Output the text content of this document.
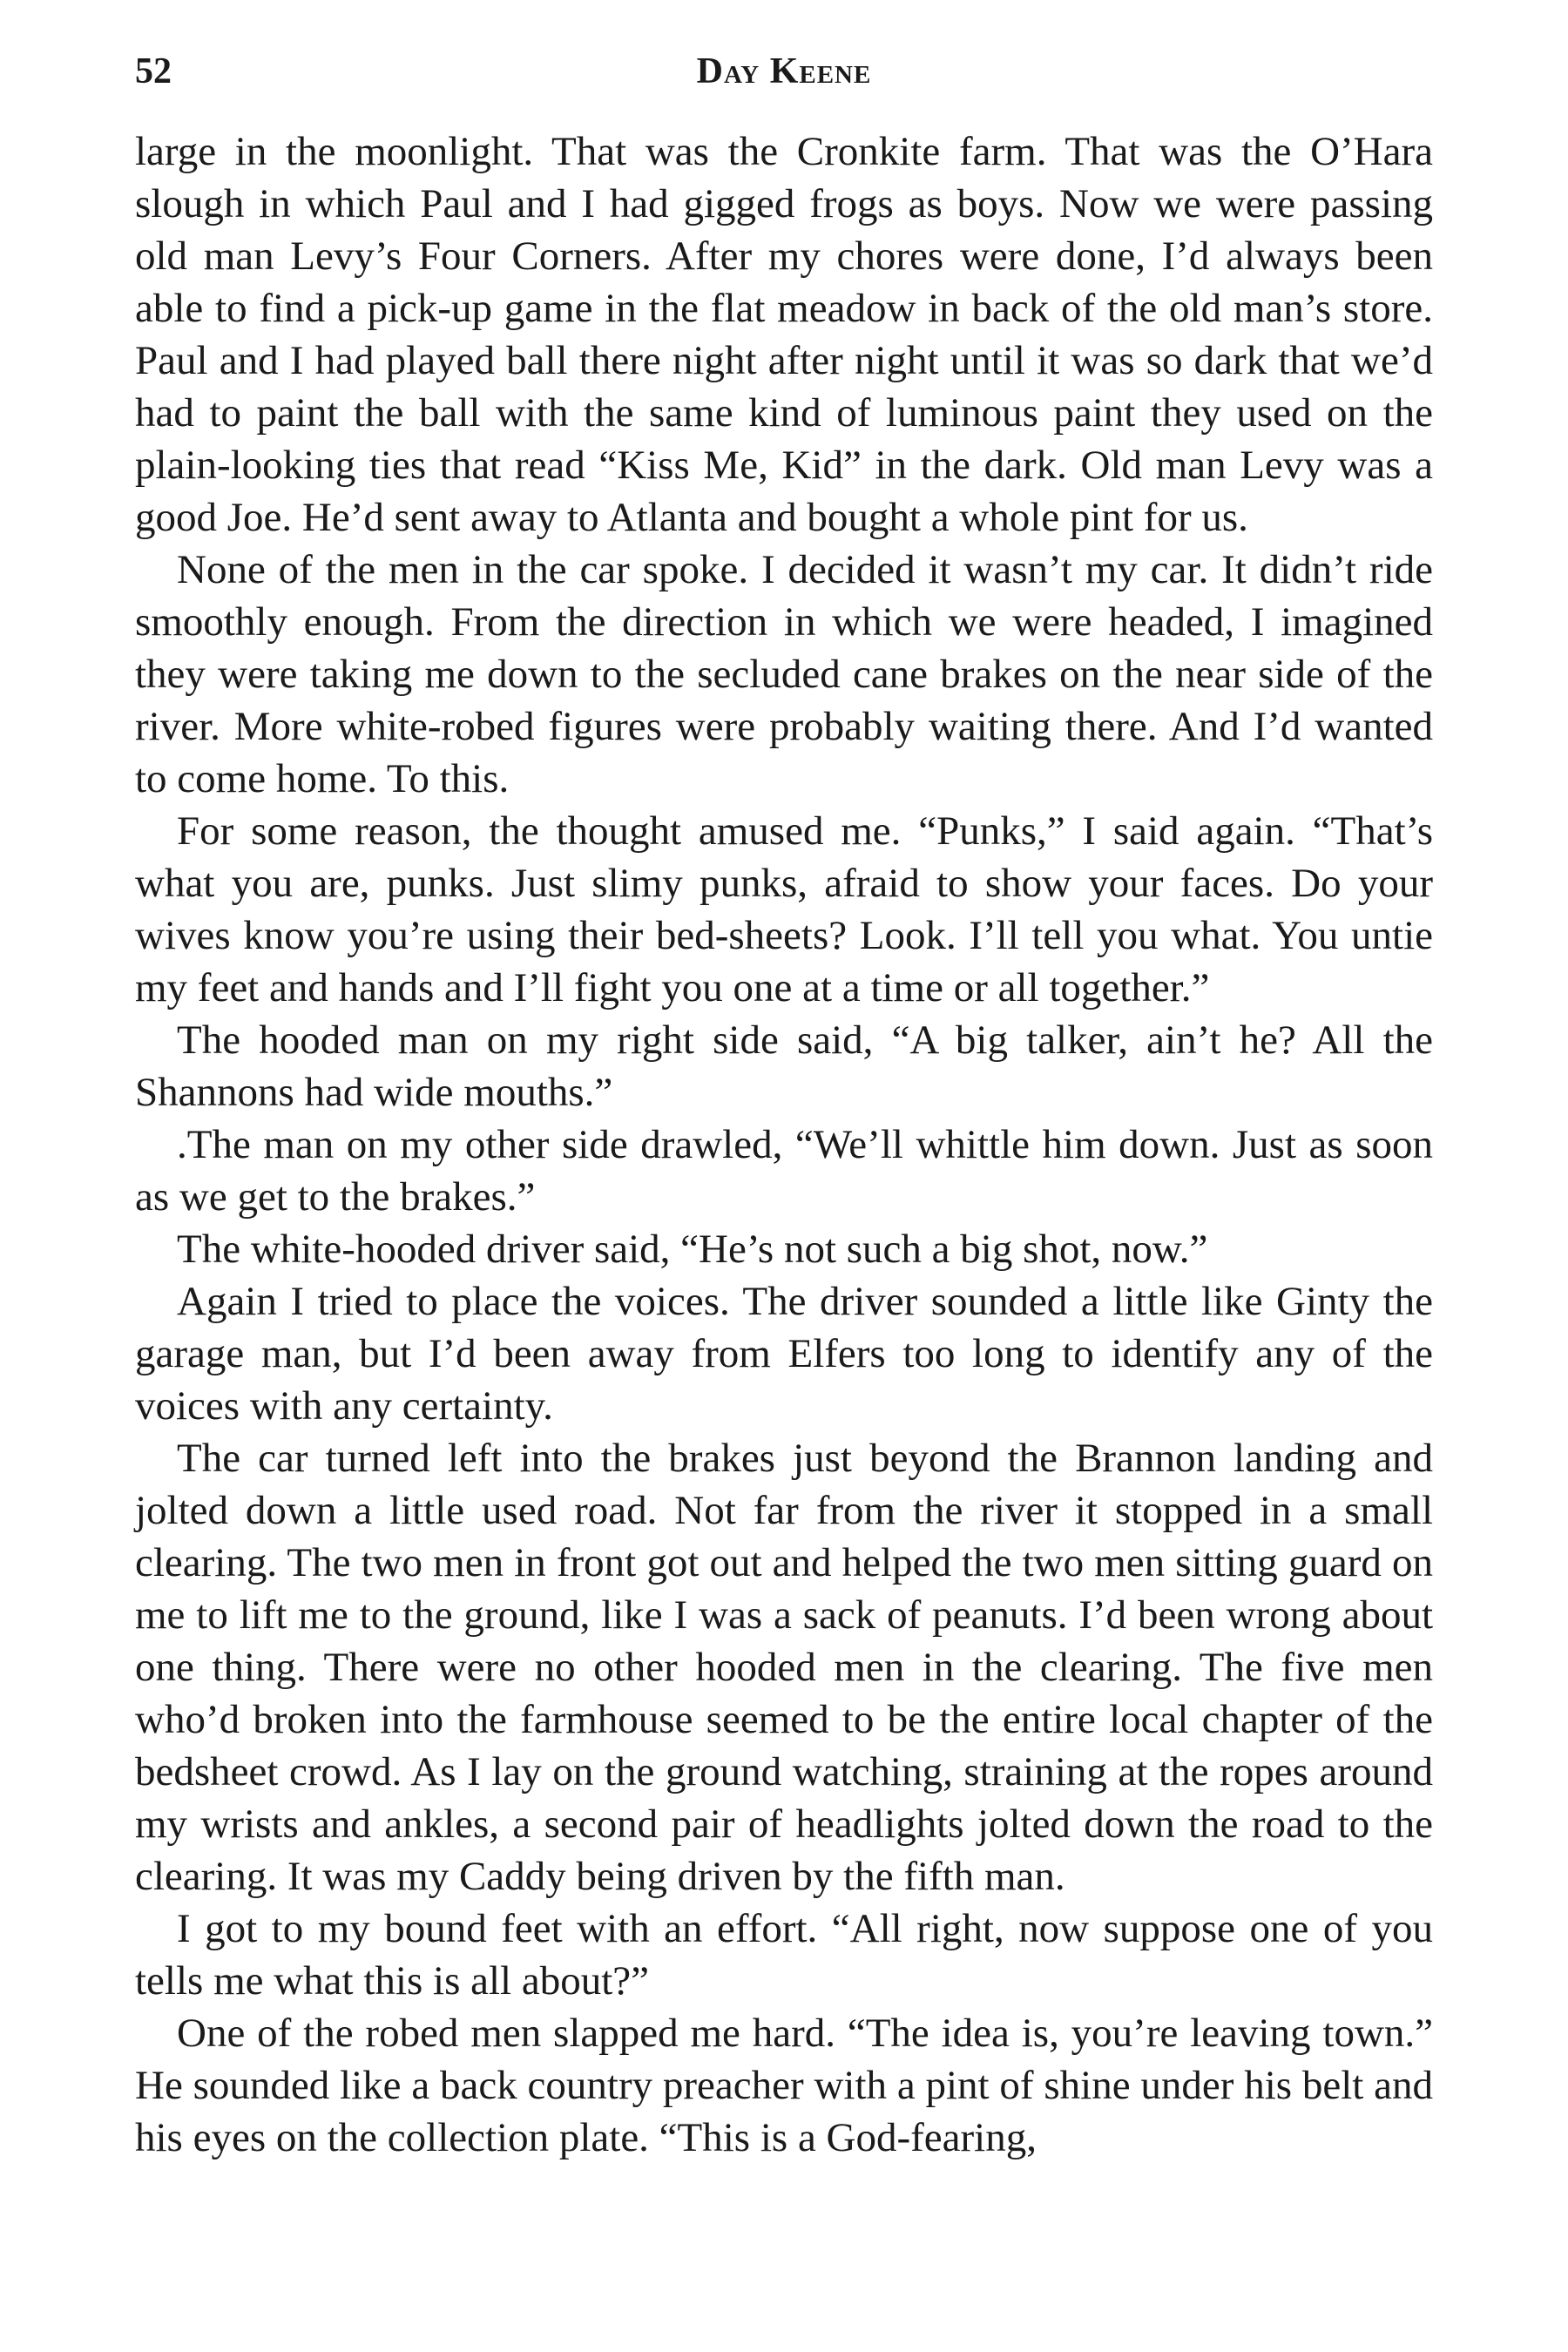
52	Day Keene

large in the moonlight. That was the Cronkite farm. That was the O’Hara slough in which Paul and I had gigged frogs as boys. Now we were passing old man Levy’s Four Corners. After my chores were done, I’d always been able to find a pick-up game in the flat meadow in back of the old man’s store. Paul and I had played ball there night after night until it was so dark that we’d had to paint the ball with the same kind of luminous paint they used on the plain-looking ties that read “Kiss Me, Kid” in the dark. Old man Levy was a good Joe. He’d sent away to Atlanta and bought a whole pint for us.

None of the men in the car spoke. I decided it wasn’t my car. It didn’t ride smoothly enough. From the direction in which we were headed, I imagined they were taking me down to the secluded cane brakes on the near side of the river. More white-robed figures were probably waiting there. And I’d wanted to come home. To this.

For some reason, the thought amused me. “Punks,” I said again. “That’s what you are, punks. Just slimy punks, afraid to show your faces. Do your wives know you’re using their bed-sheets? Look. I’ll tell you what. You untie my feet and hands and I’ll fight you one at a time or all together.”

The hooded man on my right side said, “A big talker, ain’t he? All the Shannons had wide mouths.”

.The man on my other side drawled, “We’ll whittle him down. Just as soon as we get to the brakes.”

The white-hooded driver said, “He’s not such a big shot, now.”

Again I tried to place the voices. The driver sounded a little like Ginty the garage man, but I’d been away from Elfers too long to identify any of the voices with any certainty.

The car turned left into the brakes just beyond the Brannon landing and jolted down a little used road. Not far from the river it stopped in a small clearing. The two men in front got out and helped the two men sitting guard on me to lift me to the ground, like I was a sack of peanuts. I’d been wrong about one thing. There were no other hooded men in the clearing. The five men who’d broken into the farmhouse seemed to be the entire local chapter of the bedsheet crowd. As I lay on the ground watching, straining at the ropes around my wrists and ankles, a second pair of headlights jolted down the road to the clearing. It was my Caddy being driven by the fifth man.

I got to my bound feet with an effort. “All right, now suppose one of you tells me what this is all about?”

One of the robed men slapped me hard. “The idea is, you’re leaving town.” He sounded like a back country preacher with a pint of shine under his belt and his eyes on the collection plate. “This is a God-fearing,
